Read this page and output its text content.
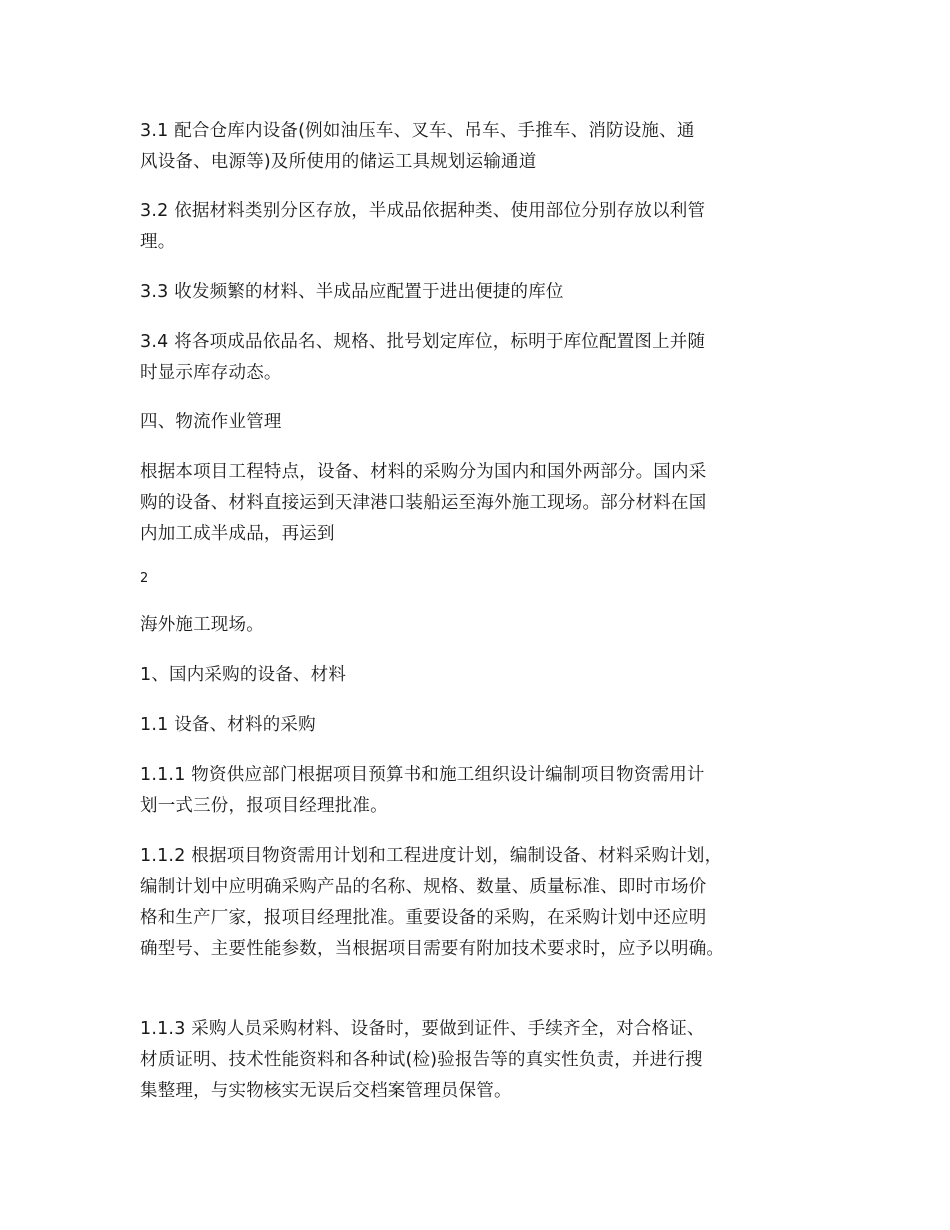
3.1 配合仓库内设备(例如油压车、叉车、吊车、手推车、消防设施、通
风设备、电源等)及所使用的储运工具规划运输通道

3.2 依据材料类别分区存放，半成品依据种类、使用部位分别存放以利管
理。

3.3 收发频繁的材料、半成品应配置于进出便捷的库位

3.4 将各项成品依品名、规格、批号划定库位，标明于库位配置图上并随
时显示库存动态。

四、物流作业管理

根据本项目工程特点，设备、材料的采购分为国内和国外两部分。国内采
购的设备、材料直接运到天津港口装船运至海外施工现场。部分材料在国
内加工成半成品，再运到

2

海外施工现场。

1、国内采购的设备、材料

1.1 设备、材料的采购

1.1.1 物资供应部门根据项目预算书和施工组织设计编制项目物资需用计
划一式三份，报项目经理批准。

1.1.2 根据项目物资需用计划和工程进度计划，编制设备、材料采购计划，
编制计划中应明确采购产品的名称、规格、数量、质量标准、即时市场价
格和生产厂家，报项目经理批准。重要设备的采购，在采购计划中还应明
确型号、主要性能参数，当根据项目需要有附加技术要求时，应予以明确。

1.1.3 采购人员采购材料、设备时，要做到证件、手续齐全，对合格证、
材质证明、技术性能资料和各种试(检)验报告等的真实性负责，并进行搜
集整理，与实物核实无误后交档案管理员保管。
